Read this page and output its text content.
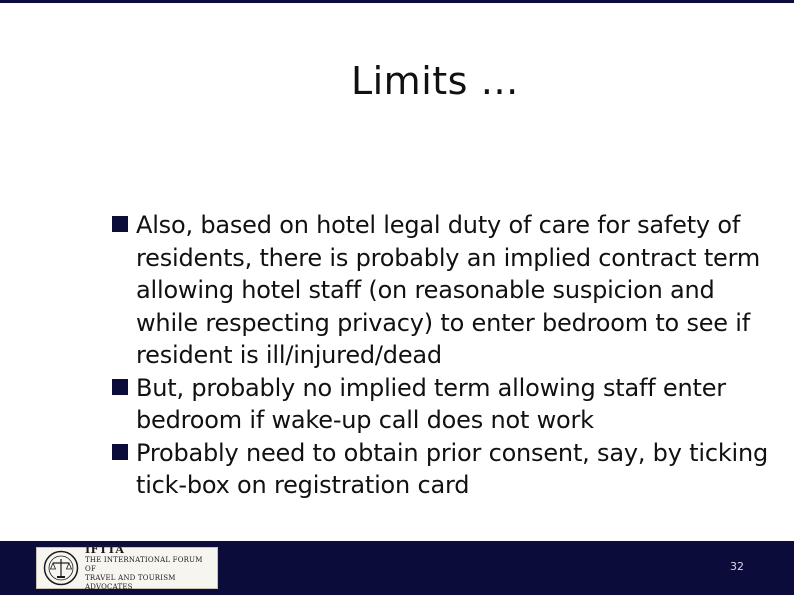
Limits …
Also, based on hotel legal duty of care for safety of residents, there is probably an implied contract term allowing hotel staff (on reasonable suspicion and while respecting privacy) to enter bedroom to see if resident is ill/injured/dead
But, probably no implied term allowing staff enter bedroom if wake-up call does not work
Probably need to obtain prior consent, say, by ticking tick-box on registration card
IFTTA
THE INTERNATIONAL FORUM OF
TRAVEL AND TOURISM ADVOCATES
32
